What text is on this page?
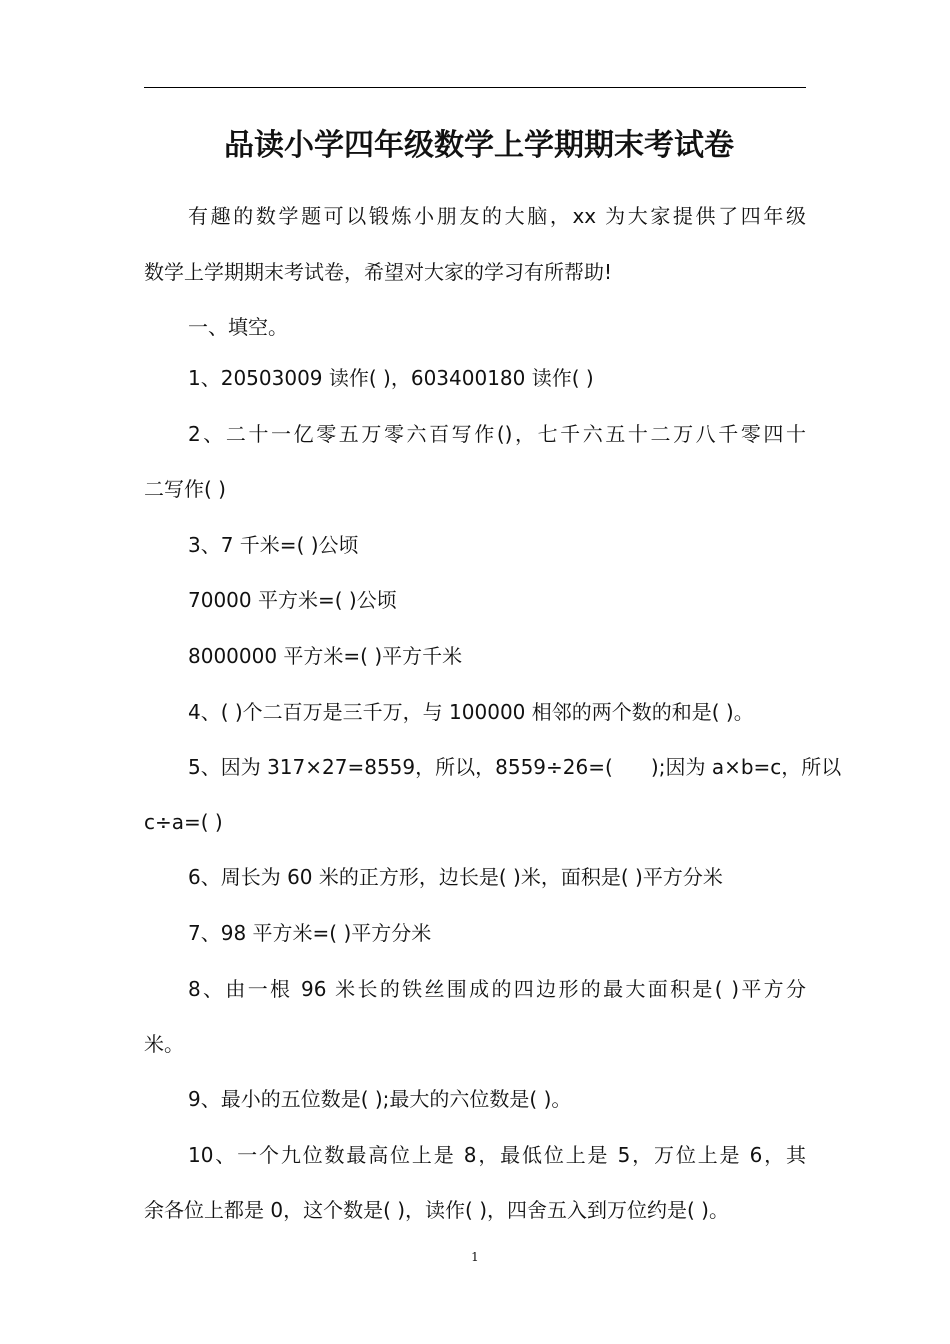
品读小学四年级数学上学期期末考试卷
有趣的数学题可以锻炼小朋友的大脑，xx 为大家提供了四年级
数学上学期期末考试卷，希望对大家的学习有所帮助!
一、填空。
1、20503009 读作( )，603400180 读作( )
2、二十一亿零五万零六百写作()，七千六五十二万八千零四十
二写作( )
3、7 千米=( )公顷
70000 平方米=( )公顷
8000000 平方米=( )平方千米
4、( )个二百万是三千万，与 100000 相邻的两个数的和是( )。
5、因为 317×27=8559，所以，8559÷26=(      );因为 a×b=c，所以
c÷a=( )
6、周长为 60 米的正方形，边长是( )米，面积是( )平方分米
7、98 平方米=( )平方分米
8、由一根 96 米长的铁丝围成的四边形的最大面积是( )平方分
米。
9、最小的五位数是( );最大的六位数是( )。
10、一个九位数最高位上是 8，最低位上是 5，万位上是 6，其
余各位上都是 0，这个数是( )，读作( )，四舍五入到万位约是( )。
1
